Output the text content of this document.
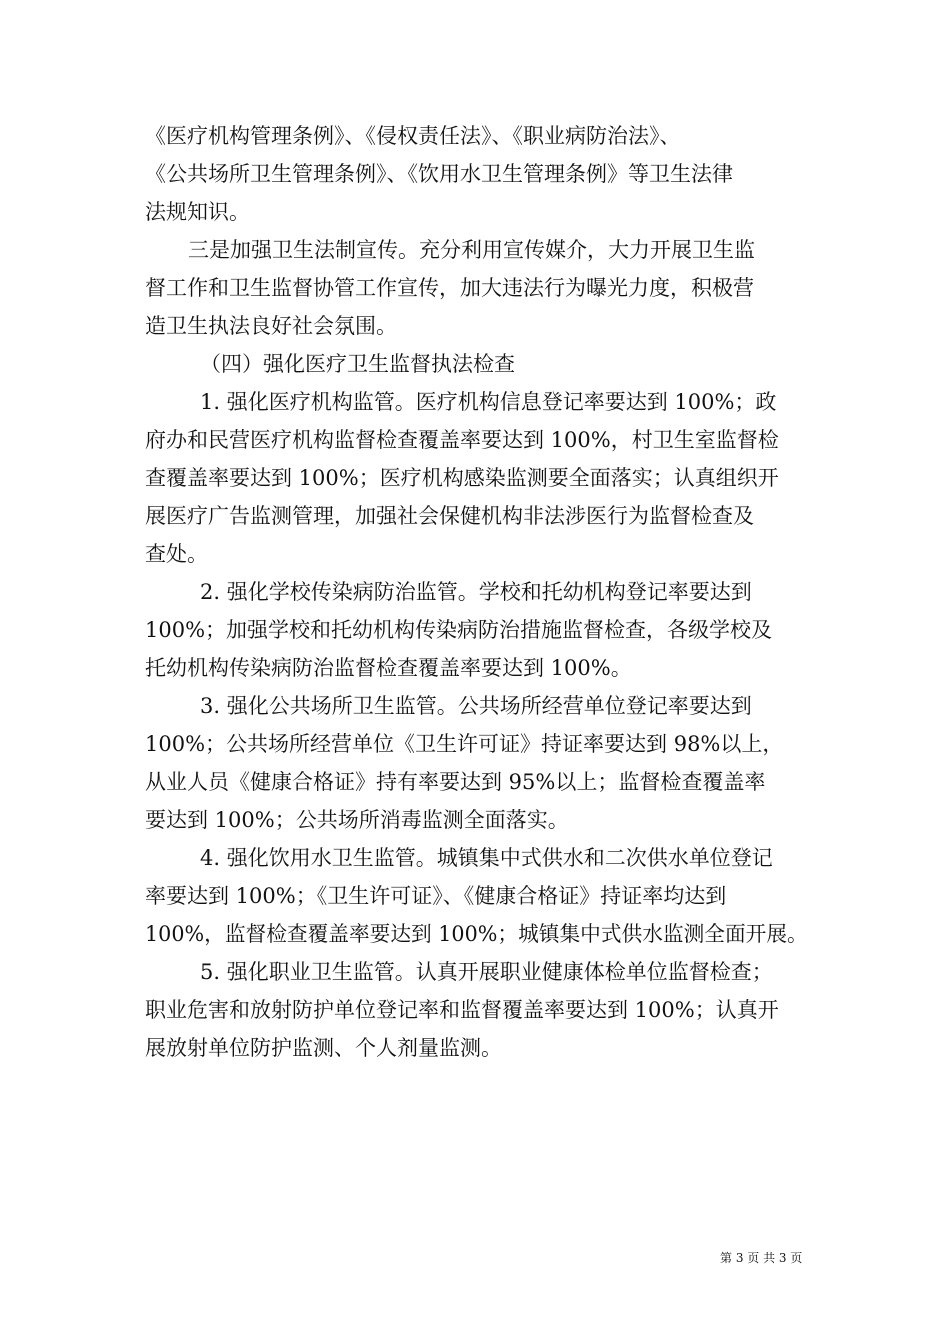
《医疗机构管理条例》、《侵权责任法》、《职业病防治法》、
《公共场所卫生管理条例》、《饮用水卫生管理条例》等卫生法律
法规知识。
三是加强卫生法制宣传。充分利用宣传媒介，大力开展卫生监
督工作和卫生监督协管工作宣传，加大违法行为曝光力度，积极营
造卫生执法良好社会氛围。
（四）强化医疗卫生监督执法检查
1. 强化医疗机构监管。医疗机构信息登记率要达到 100%；政
府办和民营医疗机构监督检查覆盖率要达到 100%，村卫生室监督检
查覆盖率要达到 100%；医疗机构感染监测要全面落实；认真组织开
展医疗广告监测管理，加强社会保健机构非法涉医行为监督检查及
查处。
2. 强化学校传染病防治监管。学校和托幼机构登记率要达到
100%；加强学校和托幼机构传染病防治措施监督检查，各级学校及
托幼机构传染病防治监督检查覆盖率要达到 100%。
3. 强化公共场所卫生监管。公共场所经营单位登记率要达到
100%；公共场所经营单位《卫生许可证》持证率要达到 98%以上，
从业人员《健康合格证》持有率要达到 95%以上；监督检查覆盖率
要达到 100%；公共场所消毒监测全面落实。
4. 强化饮用水卫生监管。城镇集中式供水和二次供水单位登记
率要达到 100%；《卫生许可证》、《健康合格证》持证率均达到
100%，监督检查覆盖率要达到 100%；城镇集中式供水监测全面开展。
5. 强化职业卫生监管。认真开展职业健康体检单位监督检查；
职业危害和放射防护单位登记率和监督覆盖率要达到 100%；认真开
展放射单位防护监测、个人剂量监测。
第 3 页 共 3 页
